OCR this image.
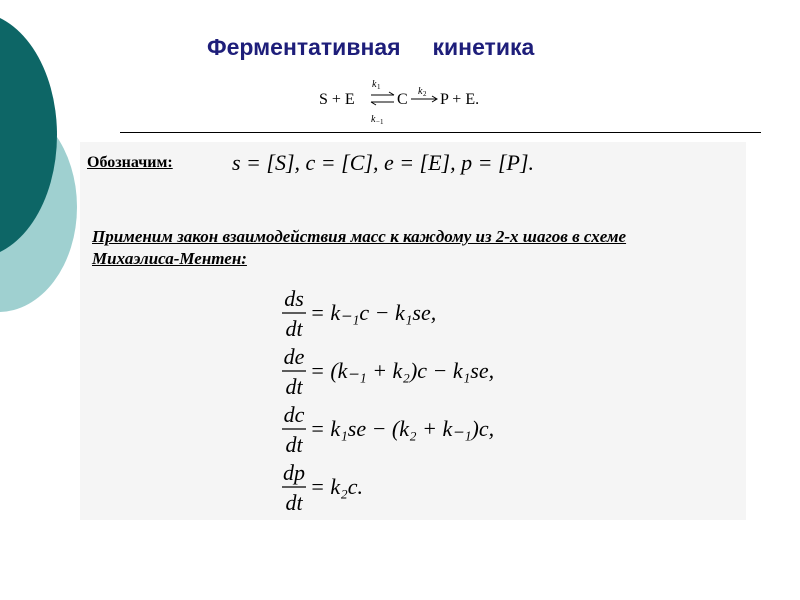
Ферментативная кинетика
S + E
k 1
k −1
C k 2 P + E.
Обозначим:	s = [S], c = [C], e = [E], p = [P].
Применим закон взаимодействия масс к каждому из 2-х шагов в схеме
Михаэлиса-Ментен:
ds
dt
= k₋₁c − k₁se,
de
dt
= (k₋₁ + k₂)c − k₁se,
dc
dt
= k₁se − (k₂ + k₋₁)c,
dp
dt
= k₂c.
